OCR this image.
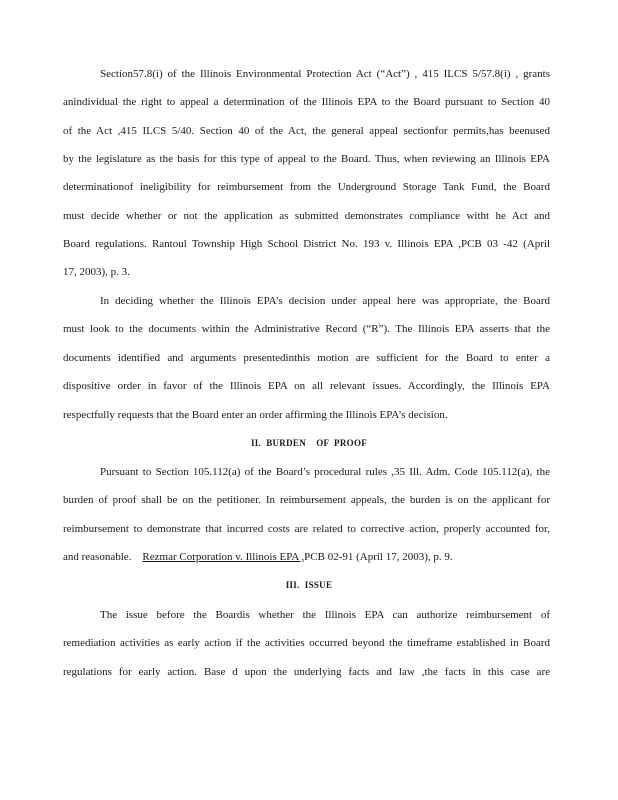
Section57.8(i) of the Illinois Environmental Protection Act (“Act”) , 415 ILCS 5/57.8(i) , grants
anindividual the right to appeal a determination of the Illinois EPA to the Board pursuant to Section 40
of the Act ,415 ILCS 5/40. Section 40 of the Act, the general appeal sectionfor permits,has beenused
by the legislature as the basis for this type of appeal to the Board. Thus, when reviewing an Illinois EPA
determinationof ineligibility for reimbursement from the Underground Storage Tank Fund, the Board
must decide whether or not the application as submitted demonstrates compliance witht he Act and
Board regulations. Rantoul Township High School District No. 193 v. Illinois EPA ,PCB 03 -42 (April
17, 2003), p. 3.
In deciding whether the Illinois EPA’s decision under appeal here was appropriate, the Board
must look to the documents within the Administrative Record (“R”). The Illinois EPA asserts that the
documents identified and arguments presentedinthis motion are sufficient for the Board to enter a
dispositive order in favor of the Illinois EPA on all relevant issues. Accordingly, the Illinois EPA
respectfully requests that the Board enter an order affirming the Illinois EPA’s decision.
II.  BURDEN    OF  PROOF
Pursuant to Section 105.112(a) of the Board’s procedural rules ,35 Ill. Adm. Code 105.112(a), the
burden of proof shall be on the petitioner. In reimbursement appeals, the burden is on the applicant for
reimbursement to demonstrate that incurred costs are related to corrective action, properly accounted for,
and reasonable. Rezmar Corporation v. Illinois EPA ,PCB 02-91 (April 17, 2003), p. 9.
III.  ISSUE
The issue before the Boardis whether the Illinois EPA can authorize reimbursement of
remediation activities as early action if the activities occurred beyond the timeframe established in Board
regulations for early action. Base d upon the underlying facts and law ,the facts in this case are
